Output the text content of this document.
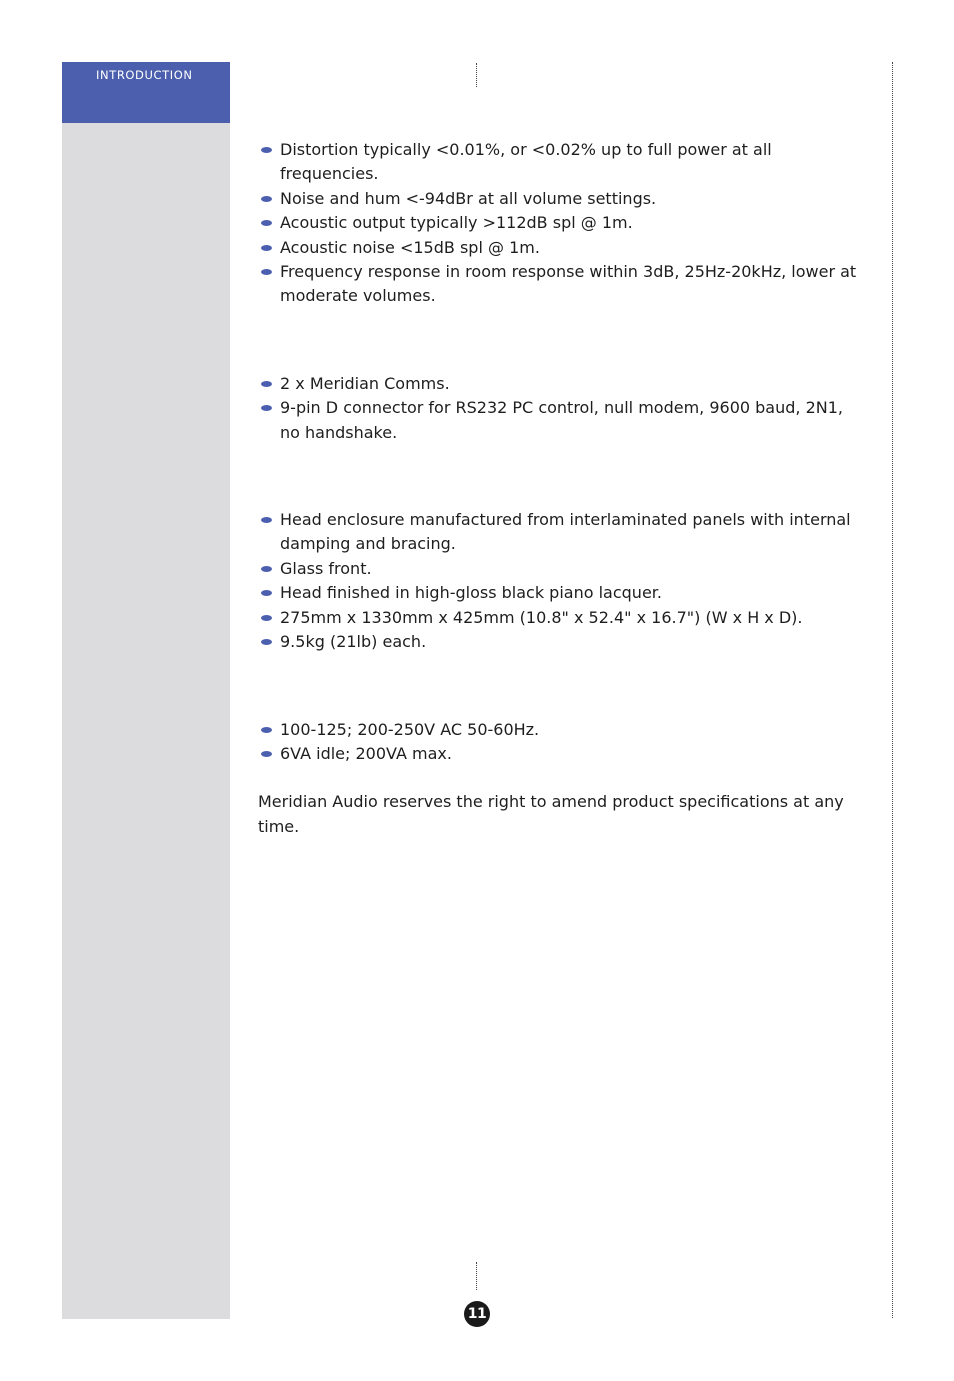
INTRODUCTION
Distortion typically <0.01%, or <0.02% up to full power at all frequencies.
Noise and hum <-94dBr at all volume settings.
Acoustic output typically >112dB spl @ 1m.
Acoustic noise <15dB spl @ 1m.
Frequency response in room response within 3dB, 25Hz-20kHz, lower at moderate volumes.
2 x Meridian Comms.
9-pin D connector for RS232 PC control, null modem, 9600 baud, 2N1, no handshake.
Head enclosure manufactured from interlaminated panels with internal damping and bracing.
Glass front.
Head finished in high-gloss black piano lacquer.
275mm x 1330mm x 425mm (10.8" x 52.4" x 16.7") (W x H x D).
9.5kg (21lb) each.
100-125; 200-250V AC 50-60Hz.
6VA idle; 200VA max.

Meridian Audio reserves the right to amend product specifications at any time.

11
